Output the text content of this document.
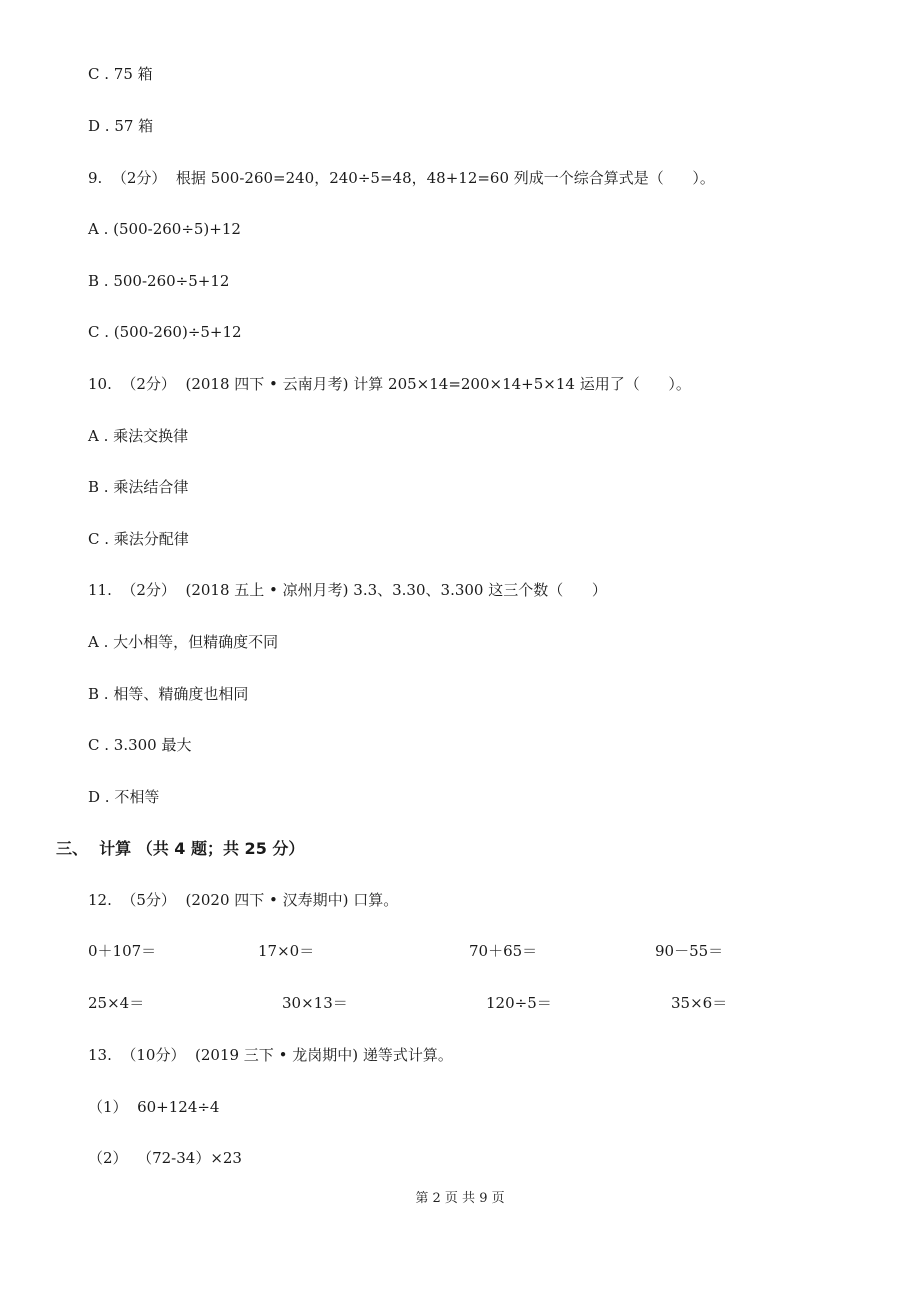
C . 75 箱
D . 57 箱
9.  （2分）  根据 500-260=240，240÷5=48，48+12=60 列成一个综合算式是（      ）。
A . (500-260÷5)+12
B . 500-260÷5+12
C . (500-260)÷5+12
10.  （2分）  (2018 四下 • 云南月考) 计算 205×14=200×14+5×14 运用了（      ）。
A . 乘法交换律
B . 乘法结合律
C . 乘法分配律
11.  （2分）  (2018 五上 • 凉州月考) 3.3、3.30、3.300 这三个数（      ）
A . 大小相等，但精确度不同
B . 相等、精确度也相同
C . 3.300 最大
D . 不相等
三、  计算 （共 4 题；共 25 分）
12.  （5分）  (2020 四下 • 汉寿期中) 口算。
0＋107＝	17×0＝	70＋65＝	90－55＝
25×4＝	30×13＝	120÷5＝	35×6＝
13.  （10分）  (2019 三下 • 龙岗期中) 递等式计算。
（1）  60+124÷4
（2）  （72-34）×23
第 2 页 共 9 页
